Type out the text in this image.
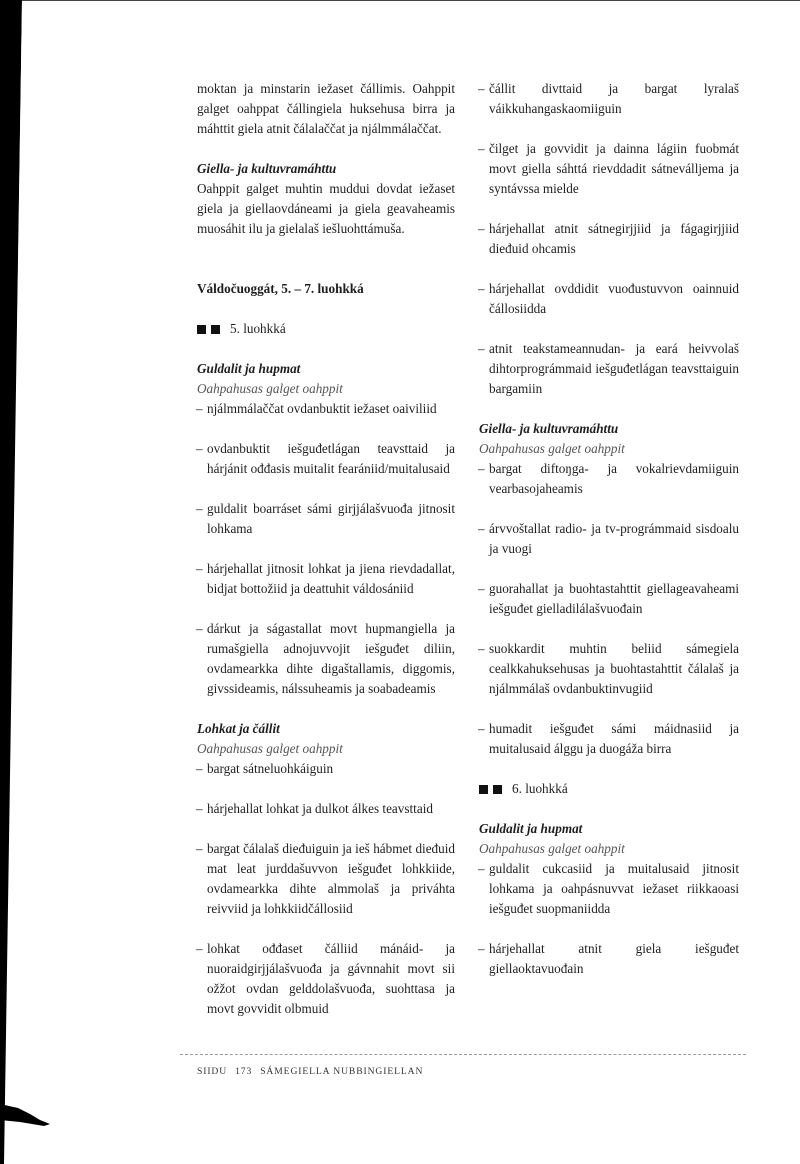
moktan ja minstarin iežaset čállimis. Oahppit galget oahppat čállingiela huksehusa birra ja máhttit giela atnit čálalaččat ja njálmmálaččat.

Giella- ja kultuvramáhttu

Oahppit galget muhtin muddui dovdat iežaset giela ja giellaovdáneami ja giela geavaheamis muosáhit ilu ja gielalaš iešluohttámuša.

Váldočuoggát, 5. – 7. luohkká

5. luohkká

Guldalit ja hupmat

Oahpahusas galget oahppit

– njálmmálaččat ovdanbuktit iežaset oaiviliid

– ovdanbuktit iešguđetlágan teavsttaid ja hárjánit ođđasis muitalit fearániid/muitalusaid

– guldalit boarráset sámi girjjálašvuođa jitnosit lohkama

– hárjehallat jitnosit lohkat ja jiena rievdadallat, bidjat bottožiid ja deattuhit váldosániid

– dárkut ja ságastallat movt hupmangiella ja rumašgiella adnojuvvojit iešguđet diliin, ovdamearkka dihte digaštallamis, diggomis, givssideamis, nálssuheamis ja soabadeamis

Lohkat ja čállit

Oahpahusas galget oahppit

– bargat sátneluohkáiguin

– hárjehallat lohkat ja dulkot álkes teavsttaid

– bargat čálalaš dieđuiguin ja ieš hábmet dieđuid mat leat jurddašuvvon iešguđet lohkkiide, ovdamearkka dihte almmolaš ja priváhta reivviid ja lohkkiidčállosiid

– lohkat ođđaset čálliid mánáid- ja nuoraidgirjjálašvuođa ja gávnnahit movt sii ožžot ovdan gelddolašvuođa, suohttasa ja movt govvidit olbmuid

– čállit divttaid ja bargat lyralaš váikkuhangaskaomiiguin

– čilget ja govvidit ja dainna lágiin fuobmát movt giella sáhttá rievddadit sátneválljema ja syntávssa mielde

– hárjehallat atnit sátnegirjjiid ja fágagirjjiid dieđuid ohcamis

– hárjehallat ovddidit vuođustuvvon oainnuid čállosiidda

– atnit teakstameannudan- ja eará heivvolaš dihtorprográmmaid iešguđetlágan teavsttaiguin bargamiin

Giella- ja kultuvramáhttu

Oahpahusas galget oahppit

– bargat diftoŋga- ja vokalrievdamiiguin vearbasojaheamis

– árvvoštallat radio- ja tv-prográmmaid sisdoalu ja vuogi

– guorahallat ja buohtastahttit giellageavaheami iešguđet gielladilálašvuođain

– suokkardit muhtin beliid sámegiela cealkkahuksehusas ja buohtastahttit čálalaš ja njálmmálaš ovdanbuktinvugiid

– humadit iešguđet sámi máidnasiid ja muitalusaid álggu ja duogáža birra

6. luohkká

Guldalit ja hupmat

Oahpahusas galget oahppit

– guldalit cukcasiid ja muitalusaid jitnosit lohkama ja oahpásnuvvat iežaset riikkaoasi iešguđet suopmaniidda

– hárjehallat atnit giela iešguđet giellaoktavuođain

SIIDU 173 SÁMEGIELLA NUBBINGIELLAN
